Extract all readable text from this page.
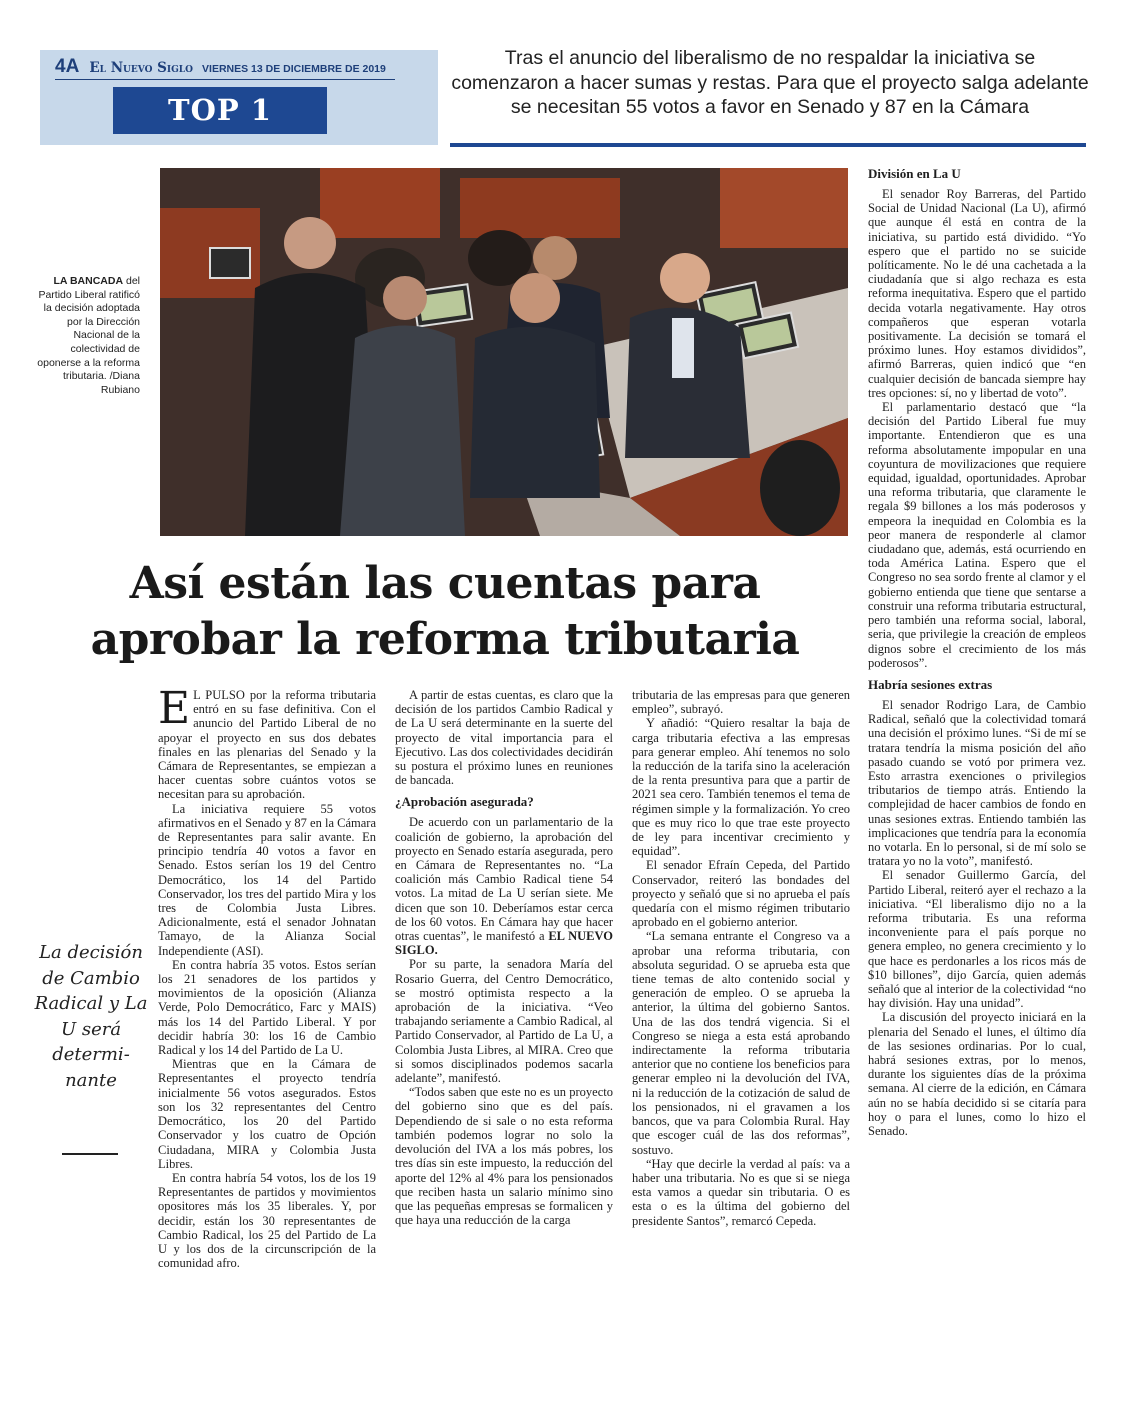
4A El Nuevo Siglo VIERNES 13 DE DICIEMBRE DE 2019
TOP 1
Tras el anuncio del liberalismo de no respaldar la iniciativa se comenzaron a hacer sumas y restas. Para que el proyecto salga adelante se necesitan 55 votos a favor en Senado y 87 en la Cámara
LA BANCADA del Partido Liberal ratificó la decisión adoptada por la Dirección Nacional de la colectividad de oponerse a la reforma tributaria. /Diana Rubiano
Así están las cuentas para aprobar la reforma tributaria
La decisión de Cambio Radical y La U será determi-nante

E L PULSO por la reforma tributaria entró en su fase definitiva. Con el anuncio del Partido Liberal de no apoyar el proyecto en sus dos debates finales en las plenarias del Senado y la Cámara de Representantes, se empiezan a hacer cuentas sobre cuántos votos se necesitan para su aprobación.

La iniciativa requiere 55 votos afirmativos en el Senado y 87 en la Cámara de Representantes para salir avante. En principio tendría 40 votos a favor en Senado. Estos serían los 19 del Centro Democrático, los 14 del Partido Conservador, los tres del partido Mira y los tres de Colombia Justa Libres. Adicionalmente, está el senador Johnatan Tamayo, de la Alianza Social Independiente (ASI).

En contra habría 35 votos. Estos serían los 21 senadores de los partidos y movimientos de la oposición (Alianza Verde, Polo Democrático, Farc y MAIS) más los 14 del Partido Liberal. Y por decidir habría 30: los 16 de Cambio Radical y los 14 del Partido de La U.

Mientras que en la Cámara de Representantes el proyecto tendría inicialmente 56 votos asegurados. Estos son los 32 representantes del Centro Democrático, los 20 del Partido Conservador y los cuatro de Opción Ciudadana, MIRA y Colombia Justa Libres.

En contra habría 54 votos, los de los 19 Representantes de partidos y movimientos opositores más los 35 liberales. Y, por decidir, están los 30 representantes de Cambio Radical, los 25 del Partido de La U y los dos de la circunscripción de la comunidad afro.

A partir de estas cuentas, es claro que la decisión de los partidos Cambio Radical y de La U será determinante en la suerte del proyecto de vital importancia para el Ejecutivo. Las dos colectividades decidirán su postura el próximo lunes en reuniones de bancada.

¿Aprobación asegurada?

De acuerdo con un parlamentario de la coalición de gobierno, la aprobación del proyecto en Senado estaría asegurada, pero en Cámara de Representantes no. “La coalición más Cambio Radical tiene 54 votos. La mitad de La U serían siete. Me dicen que son 10. Deberíamos estar cerca de los 60 votos. En Cámara hay que hacer otras cuentas”, le manifestó a EL NUEVO SIGLO.

Por su parte, la senadora María del Rosario Guerra, del Centro Democrático, se mostró optimista respecto a la aprobación de la iniciativa. “Veo trabajando seriamente a Cambio Radical, al Partido Conservador, al Partido de La U, a Colombia Justa Libres, al MIRA. Creo que si somos disciplinados podemos sacarla adelante”, manifestó.

“Todos saben que este no es un proyecto del gobierno sino que es del país. Dependiendo de si sale o no esta reforma también podemos lograr no solo la devolución del IVA a los más pobres, los tres días sin este impuesto, la reducción del aporte del 12% al 4% para los pensionados que reciben hasta un salario mínimo sino que las pequeñas empresas se formalicen y que haya una reducción de la carga

tributaria de las empresas para que generen empleo”, subrayó.

Y añadió: “Quiero resaltar la baja de carga tributaria efectiva a las empresas para generar empleo. Ahí tenemos no solo la reducción de la tarifa sino la aceleración de la renta presuntiva para que a partir de 2021 sea cero. También tenemos el tema de régimen simple y la formalización. Yo creo que es muy rico lo que trae este proyecto de ley para incentivar crecimiento y equidad”.

El senador Efraín Cepeda, del Partido Conservador, reiteró las bondades del proyecto y señaló que si no aprueba el país quedaría con el mismo régimen tributario aprobado en el gobierno anterior.

“La semana entrante el Congreso va a aprobar una reforma tributaria, con absoluta seguridad. O se aprueba esta que tiene temas de alto contenido social y generación de empleo. O se aprueba la anterior, la última del gobierno Santos. Una de las dos tendrá vigencia. Si el Congreso se niega a esta está aprobando indirectamente la reforma tributaria anterior que no contiene los beneficios para generar empleo ni la devolución del IVA, ni la reducción de la cotización de salud de los pensionados, ni el gravamen a los bancos, que va para Colombia Rural. Hay que escoger cuál de las dos reformas”, sostuvo.

“Hay que decirle la verdad al país: va a haber una tributaria. No es que si se niega esta vamos a quedar sin tributaria. O es esta o es la última del gobierno del presidente Santos”, remarcó Cepeda.

División en La U

El senador Roy Barreras, del Partido Social de Unidad Nacional (La U), afirmó que aunque él está en contra de la iniciativa, su partido está dividido. “Yo espero que el partido no se suicide políticamente. No le dé una cachetada a la ciudadanía que si algo rechaza es esta reforma inequitativa. Espero que el partido decida votarla negativamente. Hay otros compañeros que esperan votarla positivamente. La decisión se tomará el próximo lunes. Hoy estamos divididos”, afirmó Barreras, quien indicó que “en cualquier decisión de bancada siempre hay tres opciones: sí, no y libertad de voto”.

El parlamentario destacó que “la decisión del Partido Liberal fue muy importante. Entendieron que es una reforma absolutamente impopular en una coyuntura de movilizaciones que requiere equidad, igualdad, oportunidades. Aprobar una reforma tributaria, que claramente le regala $9 billones a los más poderosos y empeora la inequidad en Colombia es la peor manera de responderle al clamor ciudadano que, además, está ocurriendo en toda América Latina. Espero que el Congreso no sea sordo frente al clamor y el gobierno entienda que tiene que sentarse a construir una reforma tributaria estructural, pero también una reforma social, laboral, seria, que privilegie la creación de empleos dignos sobre el crecimiento de los más poderosos”.

Habría sesiones extras

El senador Rodrigo Lara, de Cambio Radical, señaló que la colectividad tomará una decisión el próximo lunes. “Si de mí se tratara tendría la misma posición del año pasado cuando se votó por primera vez. Esto arrastra exenciones o privilegios tributarios de tiempo atrás. Entiendo la complejidad de hacer cambios de fondo en unas sesiones extras. Entiendo también las implicaciones que tendría para la economía no votarla. En lo personal, si de mí solo se tratara yo no la voto”, manifestó.

El senador Guillermo García, del Partido Liberal, reiteró ayer el rechazo a la iniciativa. “El liberalismo dijo no a la reforma tributaria. Es una reforma inconveniente para el país porque no genera empleo, no genera crecimiento y lo que hace es perdonarles a los ricos más de $10 billones”, dijo García, quien además señaló que al interior de la colectividad “no hay división. Hay una unidad”.

La discusión del proyecto iniciará en la plenaria del Senado el lunes, el último día de las sesiones ordinarias. Por lo cual, habrá sesiones extras, por lo menos, durante los siguientes días de la próxima semana. Al cierre de la edición, en Cámara aún no se había decidido si se citaría para hoy o para el lunes, como lo hizo el Senado.
